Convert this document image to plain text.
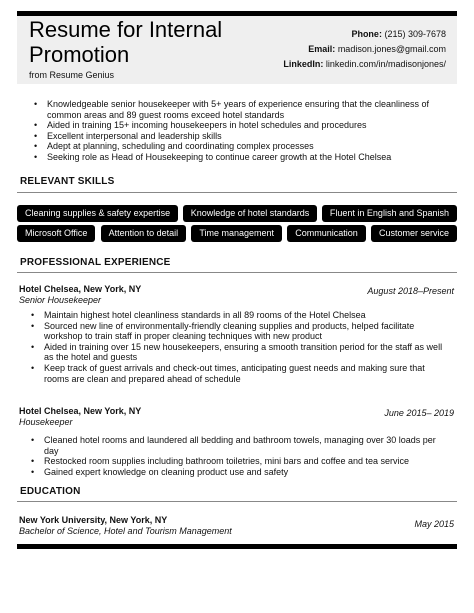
Resume for Internal Promotion
from Resume Genius
Phone: (215) 309-7678
Email: madison.jones@gmail.com
LinkedIn: linkedin.com/in/madisonjones/
• Knowledgeable senior housekeeper with 5+ years of experience ensuring that the cleanliness of common areas and 89 guest rooms exceed hotel standards
• Aided in training 15+ incoming housekeepers in hotel schedules and procedures
• Excellent interpersonal and leadership skills
• Adept at planning, scheduling and coordinating complex processes
• Seeking role as Head of Housekeeping to continue career growth at the Hotel Chelsea
RELEVANT SKILLS
Cleaning supplies & safety expertise	Knowledge of hotel standards	Fluent in English and Spanish
Microsoft Office	Attention to detail	Time management	Communication	Customer service
PROFESSIONAL EXPERIENCE
Hotel Chelsea, New York, NY
Senior Housekeeper
August 2018–Present
• Maintain highest hotel cleanliness standards in all 89 rooms of the Hotel Chelsea
• Sourced new line of environmentally-friendly cleaning supplies and products, helped facilitate workshop to train staff in proper cleaning techniques with new product
• Aided in training over 15 new housekeepers, ensuring a smooth transition period for the staff as well as the hotel and guests
• Keep track of guest arrivals and check-out times, anticipating guest needs and making sure that rooms are clean and prepared ahead of schedule
Hotel Chelsea, New York, NY
Housekeeper
June 2015– 2019
• Cleaned hotel rooms and laundered all bedding and bathroom towels, managing over 30 loads per day
• Restocked room supplies including bathroom toiletries, mini bars and coffee and tea service
• Gained expert knowledge on cleaning product use and safety
EDUCATION
New York University, New York, NY
Bachelor of Science, Hotel and Tourism Management
May 2015
